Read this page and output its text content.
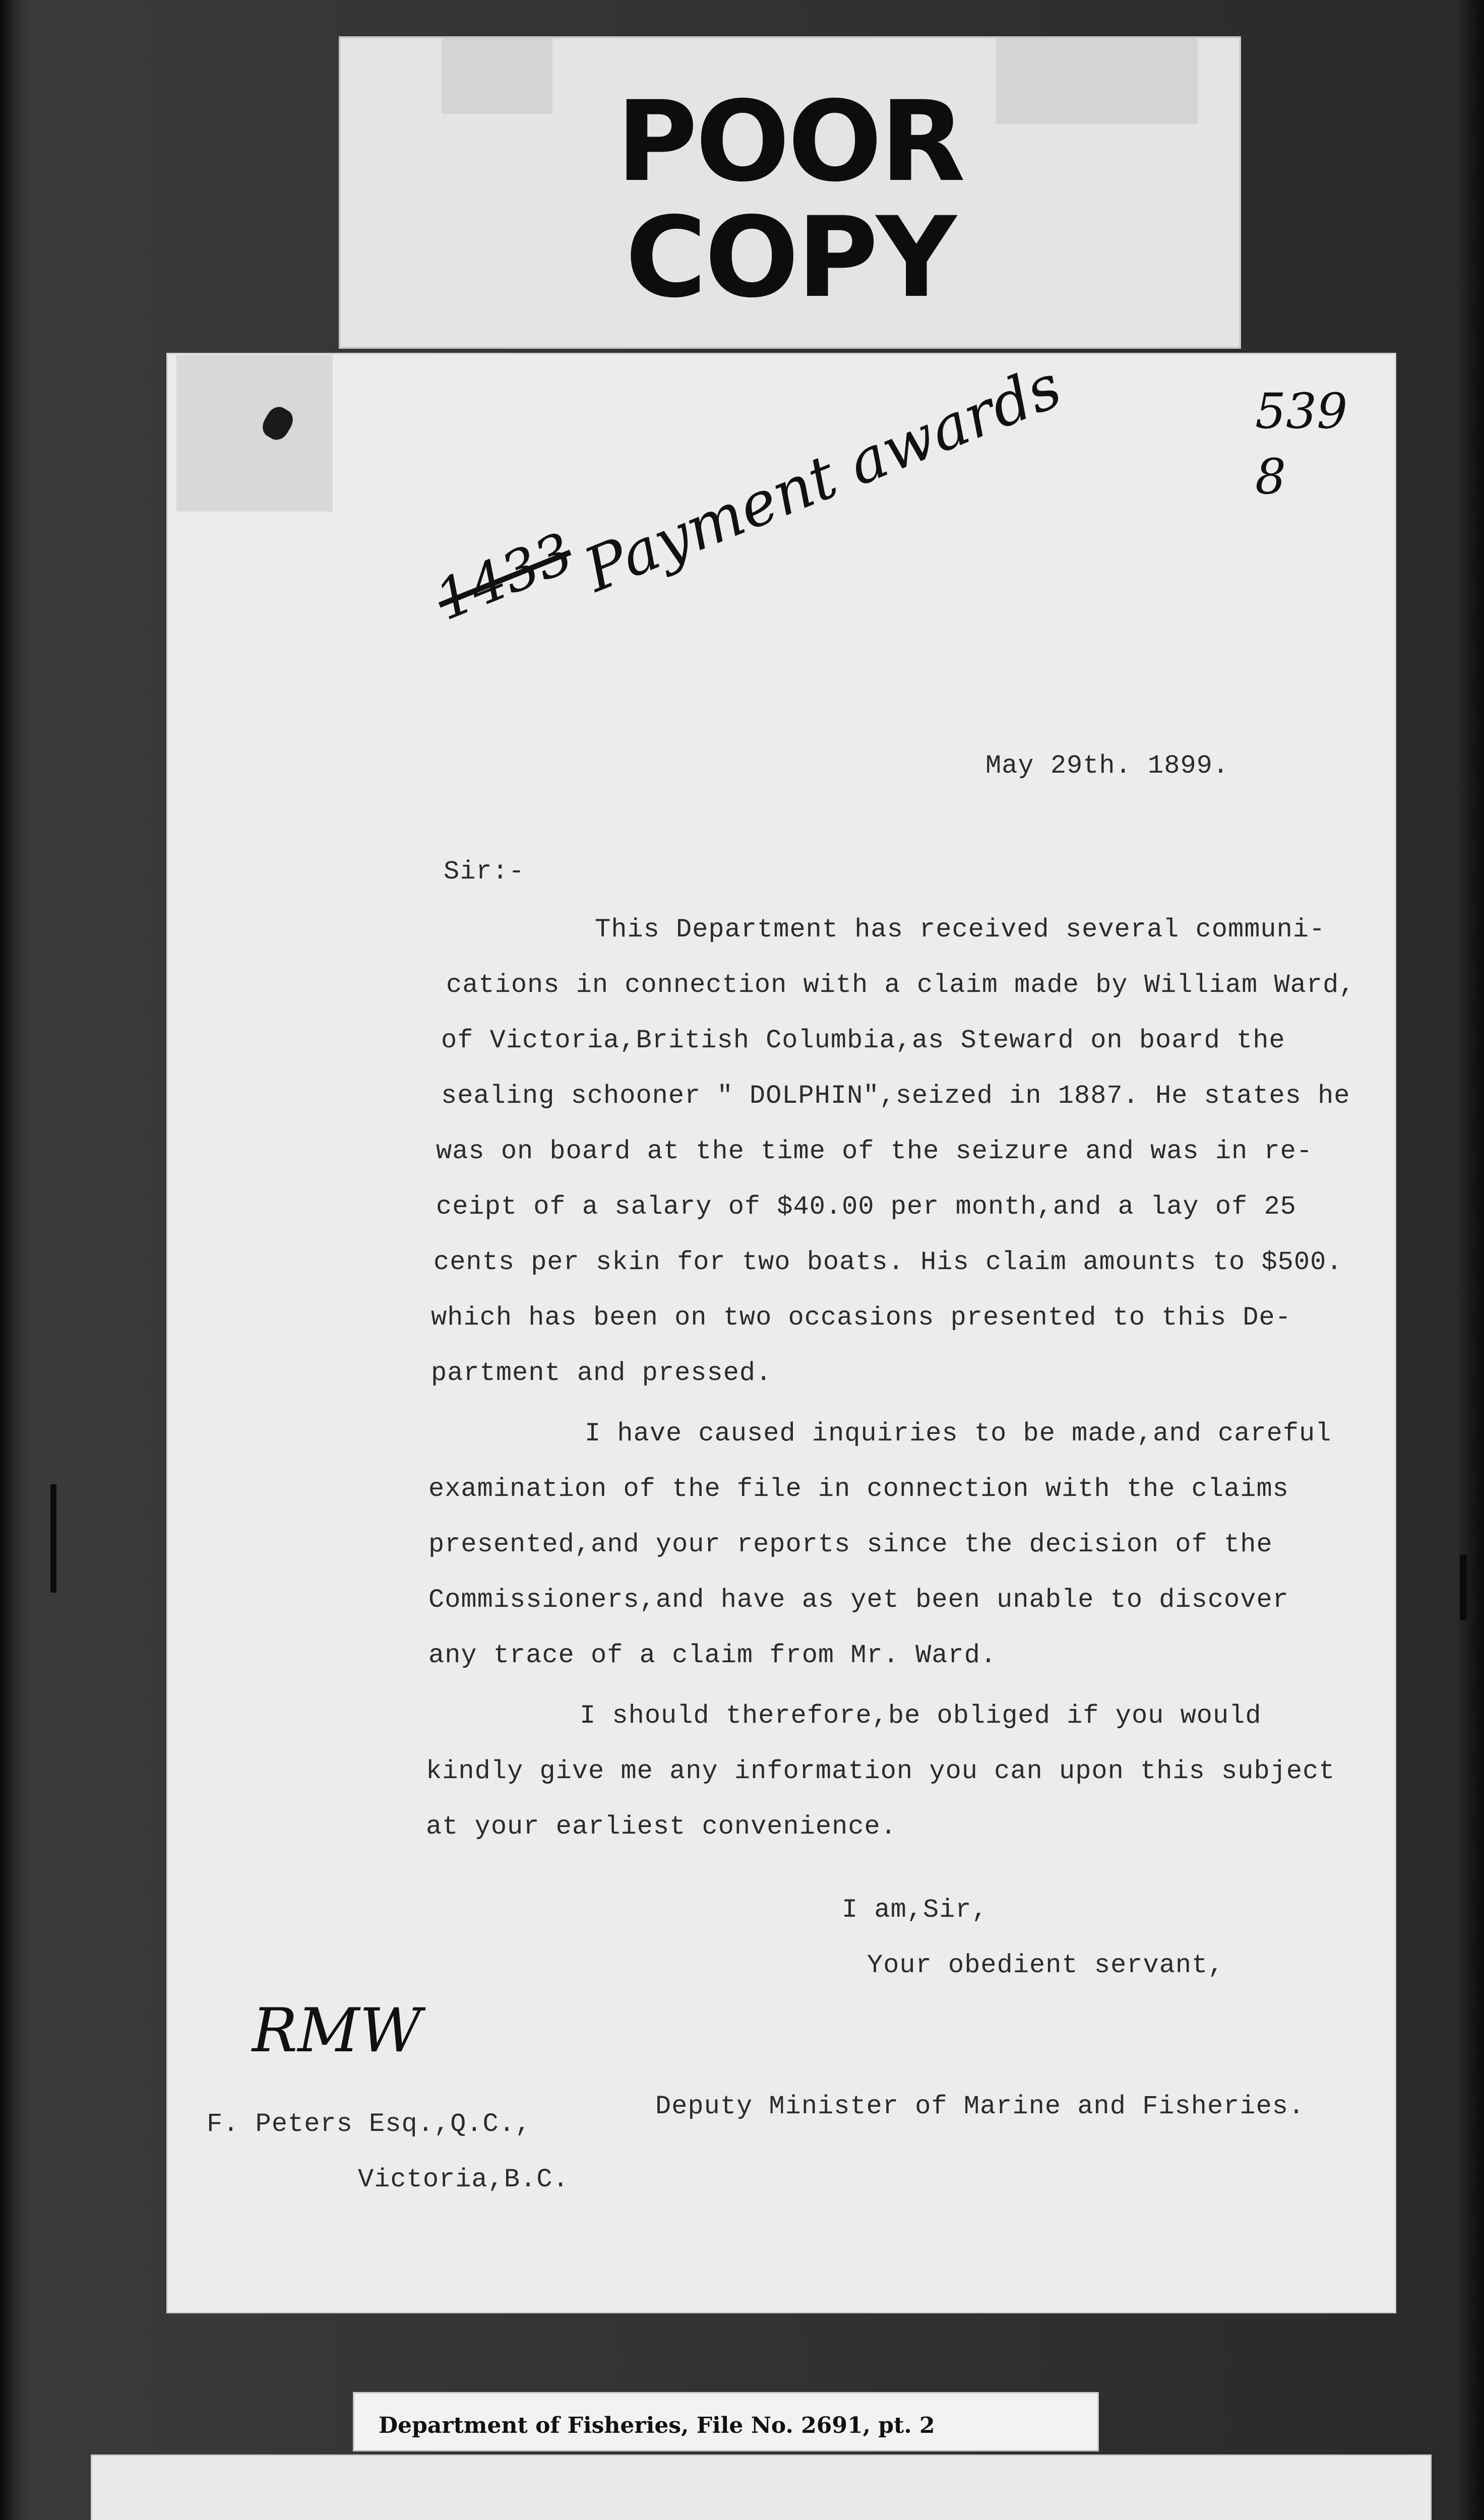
POOR
COPY
1433
Payment awards	539
8
RMW
May 29th. 1899.
Sir:-
This Department has received several communi-
cations in connection with a claim made by William Ward,
of Victoria,British Columbia,as Steward on board the
sealing schooner " DOLPHIN",seized in 1887. He states he
was on board at the time of the seizure and was in re-
ceipt of a salary of $40.00 per month,and a lay of 25
cents per skin for two boats. His claim amounts to $500.
which has been on two occasions presented to this De-
partment and pressed.
I have caused inquiries to be made,and careful
examination of the file in connection with the claims
presented,and your reports since the decision of the
Commissioners,and have as yet been unable to discover
any trace of a claim from Mr. Ward.
I should therefore,be obliged if you would
kindly give me any information you can upon this subject
at your earliest convenience.
I am,Sir,
Your obedient servant,
Deputy Minister of Marine and Fisheries.
F. Peters Esq.,Q.C.,
Victoria,B.C.
Department of Fisheries, File No. 2691, pt. 2
